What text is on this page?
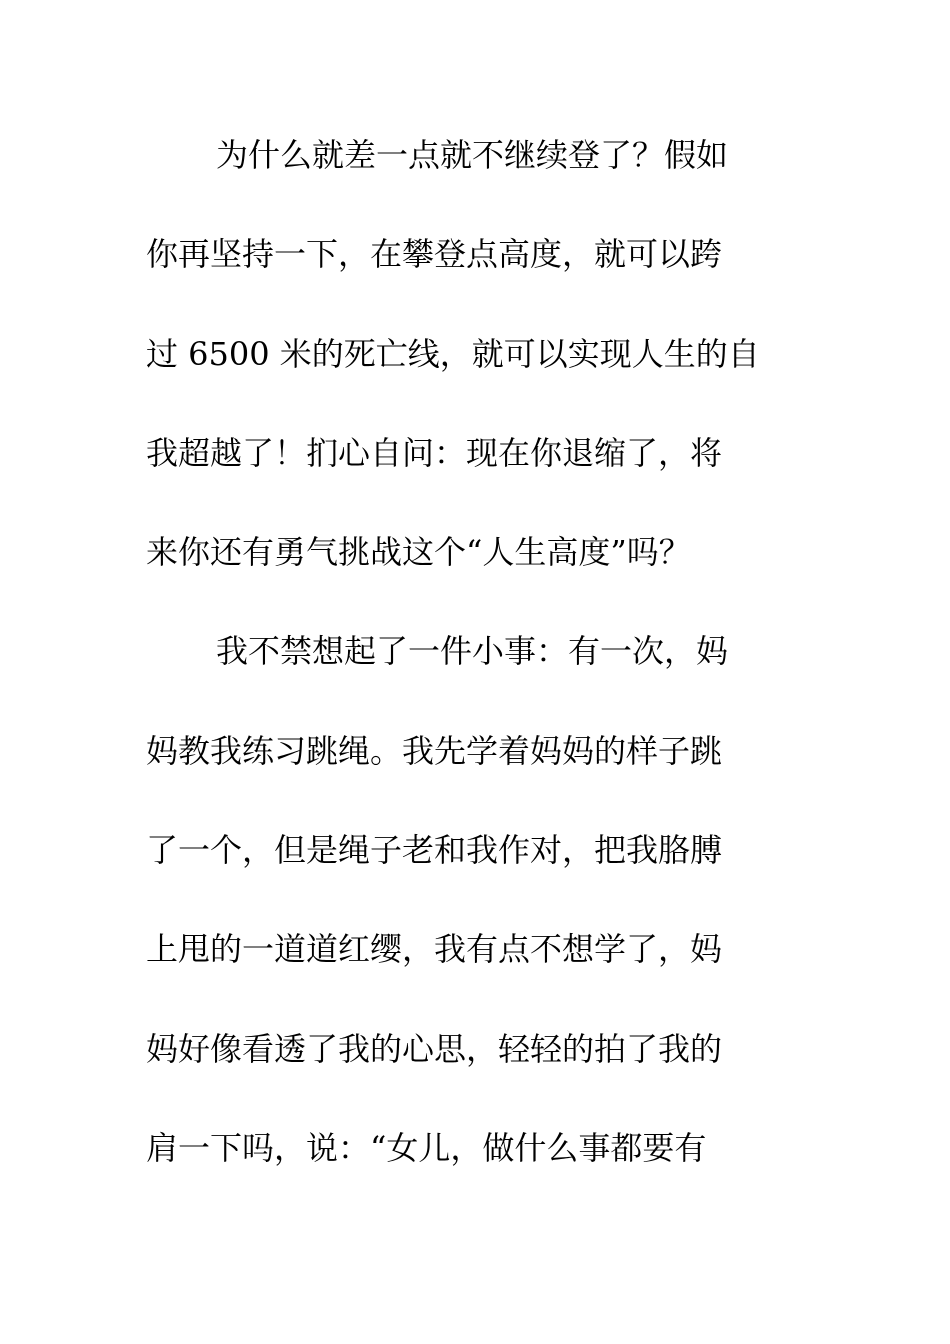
为什么就差一点就不继续登了？假如
你再坚持一下，在攀登点高度，就可以跨
过 6500 米的死亡线，就可以实现人生的自
我超越了！扪心自问：现在你退缩了，将
来你还有勇气挑战这个“人生高度”吗？
我不禁想起了一件小事：有一次，妈
妈教我练习跳绳。我先学着妈妈的样子跳
了一个，但是绳子老和我作对，把我胳膊
上甩的一道道红缨，我有点不想学了，妈
妈好像看透了我的心思，轻轻的拍了我的
肩一下吗，说：“女儿，做什么事都要有
